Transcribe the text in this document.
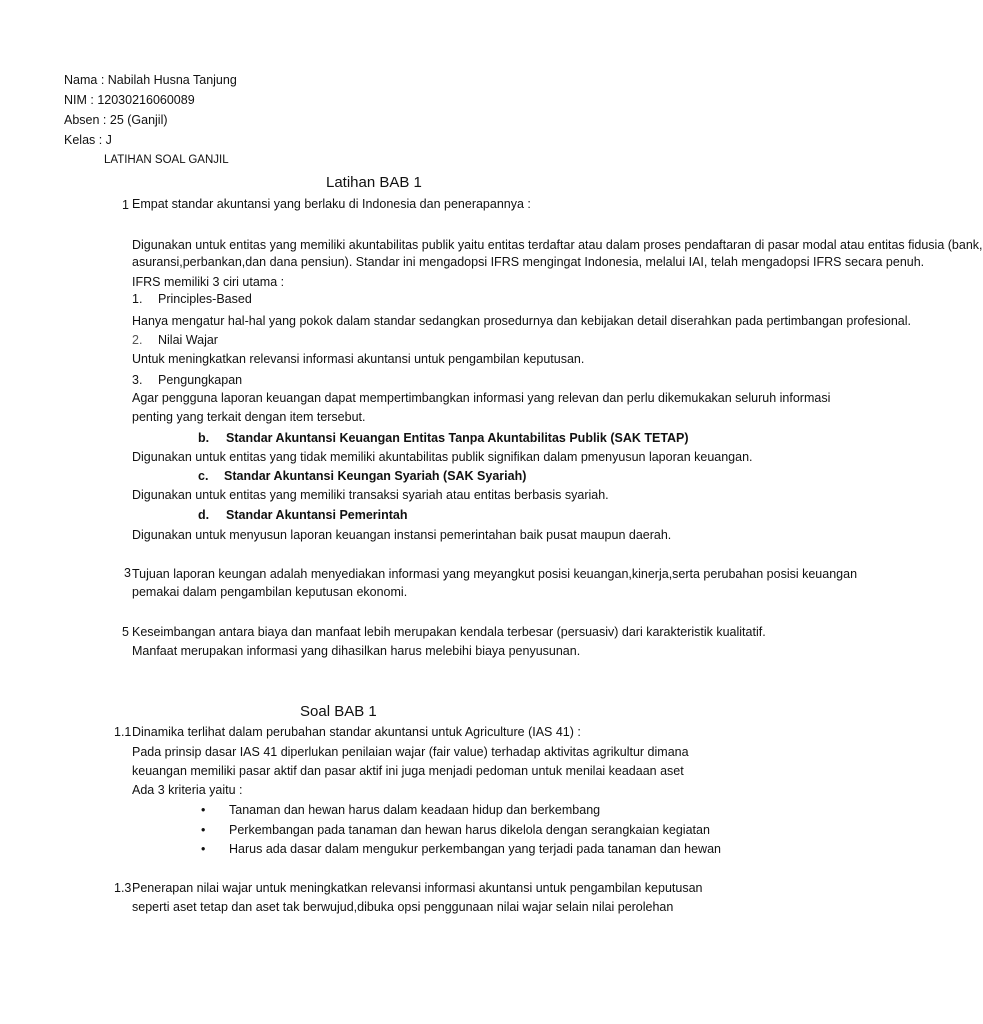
Nama : Nabilah Husna Tanjung
NIM : 12030216060089
Absen : 25 (Ganjil)
Kelas : J
LATIHAN SOAL GANJIL
Latihan BAB 1
1 Empat standar akuntansi yang berlaku di Indonesia dan penerapannya :
Digunakan untuk entitas yang memiliki akuntabilitas publik yaitu entitas terdaftar atau dalam proses pendaftaran di pasar modal atau entitas fidusia (bank,
asuransi,perbankan,dan dana pensiun). Standar ini mengadopsi IFRS mengingat Indonesia, melalui IAI, telah mengadopsi IFRS secara penuh.
IFRS memiliki 3 ciri utama :
1. Principles-Based
Hanya mengatur hal-hal yang pokok dalam standar sedangkan prosedurnya dan kebijakan detail diserahkan pada pertimbangan profesional.
2. Nilai Wajar
Untuk meningkatkan relevansi informasi akuntansi untuk pengambilan keputusan.
3. Pengungkapan
Agar pengguna laporan keuangan dapat mempertimbangkan informasi yang relevan dan perlu dikemukakan seluruh informasi
penting yang terkait dengan item tersebut.
b. Standar Akuntansi Keuangan Entitas Tanpa Akuntabilitas Publik (SAK TETAP)
Digunakan untuk entitas yang tidak memiliki akuntabilitas publik signifikan dalam pmenyusun laporan keuangan.
c. Standar Akuntansi Keungan Syariah (SAK Syariah)
Digunakan untuk entitas yang memiliki transaksi syariah atau entitas berbasis syariah.
d. Standar Akuntansi Pemerintah
Digunakan untuk menyusun laporan keuangan instansi pemerintahan baik pusat maupun daerah.
3 Tujuan laporan keungan adalah menyediakan informasi yang meyangkut posisi keuangan,kinerja,serta perubahan posisi keuangan
pemakai dalam pengambilan keputusan ekonomi.
5 Keseimbangan antara biaya dan manfaat lebih merupakan kendala terbesar (persuasiv) dari karakteristik kualitatif.
Manfaat merupakan informasi yang dihasilkan harus melebihi biaya penyusunan.
Soal BAB 1
1.1 Dinamika terlihat dalam perubahan standar akuntansi untuk Agriculture (IAS 41) :
Pada prinsip dasar IAS 41 diperlukan penilaian wajar (fair value) terhadap aktivitas agrikultur dimana
keuangan memiliki pasar aktif dan pasar aktif ini juga menjadi pedoman untuk menilai keadaan aset
Ada 3 kriteria yaitu :
• Tanaman dan hewan harus dalam keadaan hidup dan berkembang
• Perkembangan pada tanaman dan hewan harus dikelola dengan serangkaian kegiatan
• Harus ada dasar dalam mengukur perkembangan yang terjadi pada tanaman dan hewan
1.3 Penerapan nilai wajar untuk meningkatkan relevansi informasi akuntansi untuk pengambilan keputusan
seperti aset tetap dan aset tak berwujud,dibuka opsi penggunaan nilai wajar selain nilai perolehan
